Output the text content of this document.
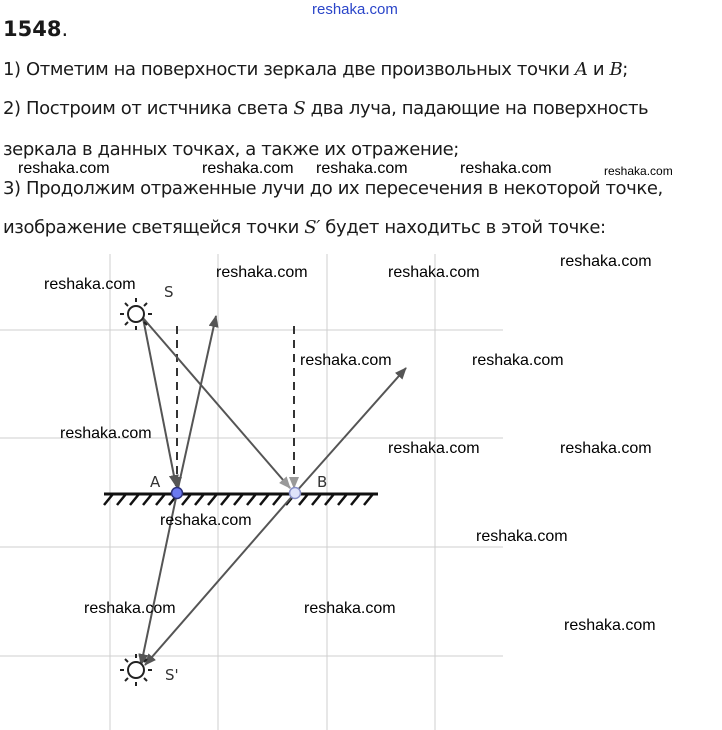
reshaka.com
1548.
1) Отметим на поверхности зеркала две произвольных точки A и B;
2) Построим от истчника света S два луча, падающие на поверхность
зеркала в данных точках, а также их отражение;
3) Продолжим отраженные лучи до их пересечения в некоторой точке,
изображение светящейся точки S′ будет находитьс в этой точке:
S
A	B
S'
reshaka.com	reshaka.com reshaka.com	reshaka.com	reshaka.com
reshaka.com
reshaka.com	reshaka.com
reshaka.com
reshaka.com	reshaka.com
reshaka.com
reshaka.com	reshaka.com
reshaka.com
reshaka.com
reshaka.com	reshaka.com
reshaka.com
